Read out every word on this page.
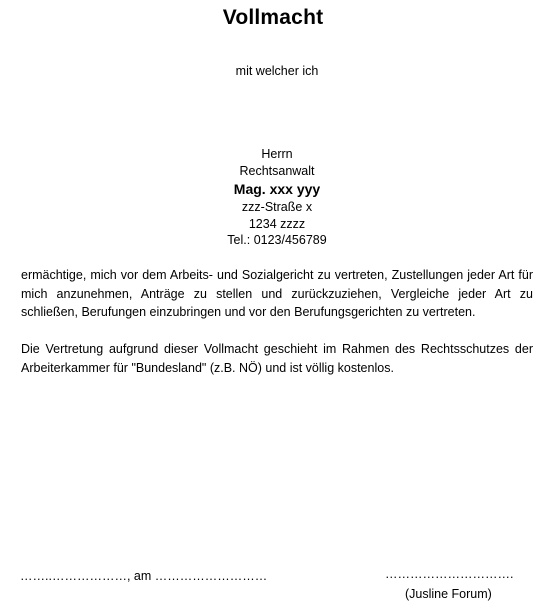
Vollmacht
mit welcher ich
Herrn
Rechtsanwalt
Mag. xxx yyy
zzz-Straße x
1234 zzzz
Tel.: 0123/456789
ermächtige, mich vor dem Arbeits- und Sozialgericht zu vertreten, Zustellungen jeder Art für mich anzunehmen, Anträge zu stellen und zurückzuziehen, Vergleiche jeder Art zu schließen, Berufungen einzubringen und vor den Berufungsgerichten zu vertreten.
Die Vertretung aufgrund dieser Vollmacht geschieht im Rahmen des Rechtsschutzes der Arbeiterkammer für "Bundesland" (z.B. NÖ) und ist völlig kostenlos.
……..………………, am ………………………	………………………….
(Jusline Forum)
